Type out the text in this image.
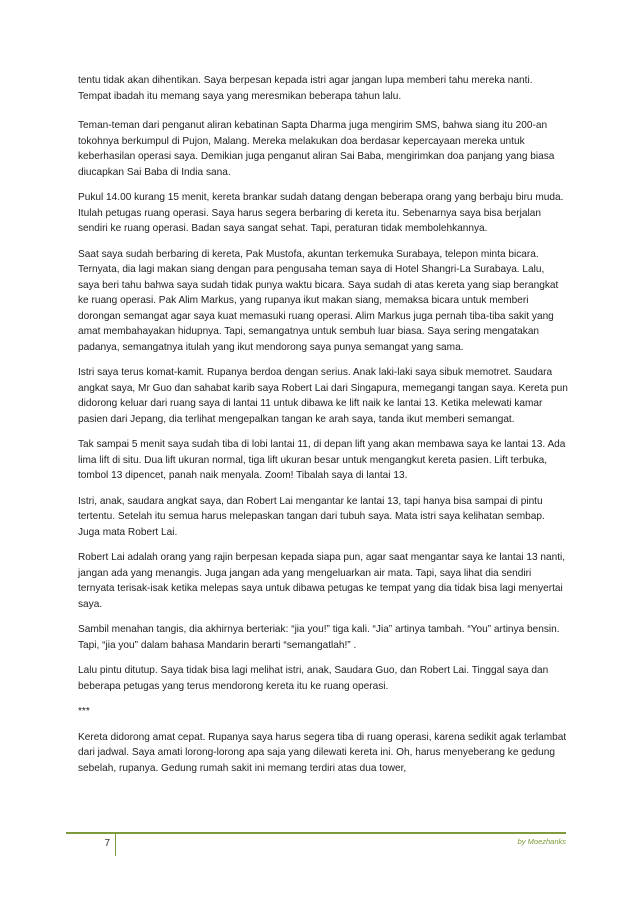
tentu tidak akan dihentikan. Saya berpesan kepada istri agar jangan lupa memberi tahu mereka nanti. Tempat ibadah itu memang saya yang meresmikan beberapa tahun lalu.

Teman-teman dari penganut aliran kebatinan Sapta Dharma juga mengirim SMS, bahwa siang itu 200-an tokohnya berkumpul di Pujon, Malang. Mereka melakukan doa berdasar kepercayaan mereka untuk keberhasilan operasi saya. Demikian juga penganut aliran Sai Baba, mengirimkan doa panjang yang biasa diucapkan Sai Baba di India sana.

Pukul 14.00 kurang 15 menit, kereta brankar sudah datang dengan beberapa orang yang berbaju biru muda. Itulah petugas ruang operasi. Saya harus segera berbaring di kereta itu. Sebenarnya saya bisa berjalan sendiri ke ruang operasi. Badan saya sangat sehat. Tapi, peraturan tidak membolehkannya.

Saat saya sudah berbaring di kereta, Pak Mustofa, akuntan terkemuka Surabaya, telepon minta bicara. Ternyata, dia lagi makan siang dengan para pengusaha teman saya di Hotel Shangri-La Surabaya. Lalu, saya beri tahu bahwa saya sudah tidak punya waktu bicara. Saya sudah di atas kereta yang siap berangkat ke ruang operasi. Pak Alim Markus, yang rupanya ikut makan siang, memaksa bicara untuk memberi dorongan semangat agar saya kuat memasuki ruang operasi. Alim Markus juga pernah tiba-tiba sakit yang amat membahayakan hidupnya. Tapi, semangatnya untuk sembuh luar biasa. Saya sering mengatakan padanya, semangatnya itulah yang ikut mendorong saya punya semangat yang sama.

Istri saya terus komat-kamit. Rupanya berdoa dengan serius. Anak laki-laki saya sibuk memotret. Saudara angkat saya, Mr Guo dan sahabat karib saya Robert Lai dari Singapura, memegangi tangan saya. Kereta pun didorong keluar dari ruang saya di lantai 11 untuk dibawa ke lift naik ke lantai 13. Ketika melewati kamar pasien dari Jepang, dia terlihat mengepalkan tangan ke arah saya, tanda ikut memberi semangat.

Tak sampai 5 menit saya sudah tiba di lobi lantai 11, di depan lift yang akan membawa saya ke lantai 13. Ada lima lift di situ. Dua lift ukuran normal, tiga lift ukuran besar untuk mengangkut kereta pasien. Lift terbuka, tombol 13 dipencet, panah naik menyala. Zoom! Tibalah saya di lantai 13.

Istri, anak, saudara angkat saya, dan Robert Lai mengantar ke lantai 13, tapi hanya bisa sampai di pintu tertentu. Setelah itu semua harus melepaskan tangan dari tubuh saya. Mata istri saya kelihatan sembap. Juga mata Robert Lai.

Robert Lai adalah orang yang rajin berpesan kepada siapa pun, agar saat mengantar saya ke lantai 13 nanti, jangan ada yang menangis. Juga jangan ada yang mengeluarkan air mata. Tapi, saya lihat dia sendiri ternyata terisak-isak ketika melepas saya untuk dibawa petugas ke tempat yang dia tidak bisa lagi menyertai saya.

Sambil menahan tangis, dia akhirnya berteriak: “jia you!” tiga kali. “Jia” artinya tambah. “You” artinya bensin. Tapi, “jia you” dalam bahasa Mandarin berarti “semangatlah!” .

Lalu pintu ditutup. Saya tidak bisa lagi melihat istri, anak, Saudara Guo, dan Robert Lai. Tinggal saya dan beberapa petugas yang terus mendorong kereta itu ke ruang operasi.

***

Kereta didorong amat cepat. Rupanya saya harus segera tiba di ruang operasi, karena sedikit agak terlambat dari jadwal. Saya amati lorong-lorong apa saja yang dilewati kereta ini. Oh, harus menyeberang ke gedung sebelah, rupanya. Gedung rumah sakit ini memang terdiri atas dua tower,

7	by Moezhanks
